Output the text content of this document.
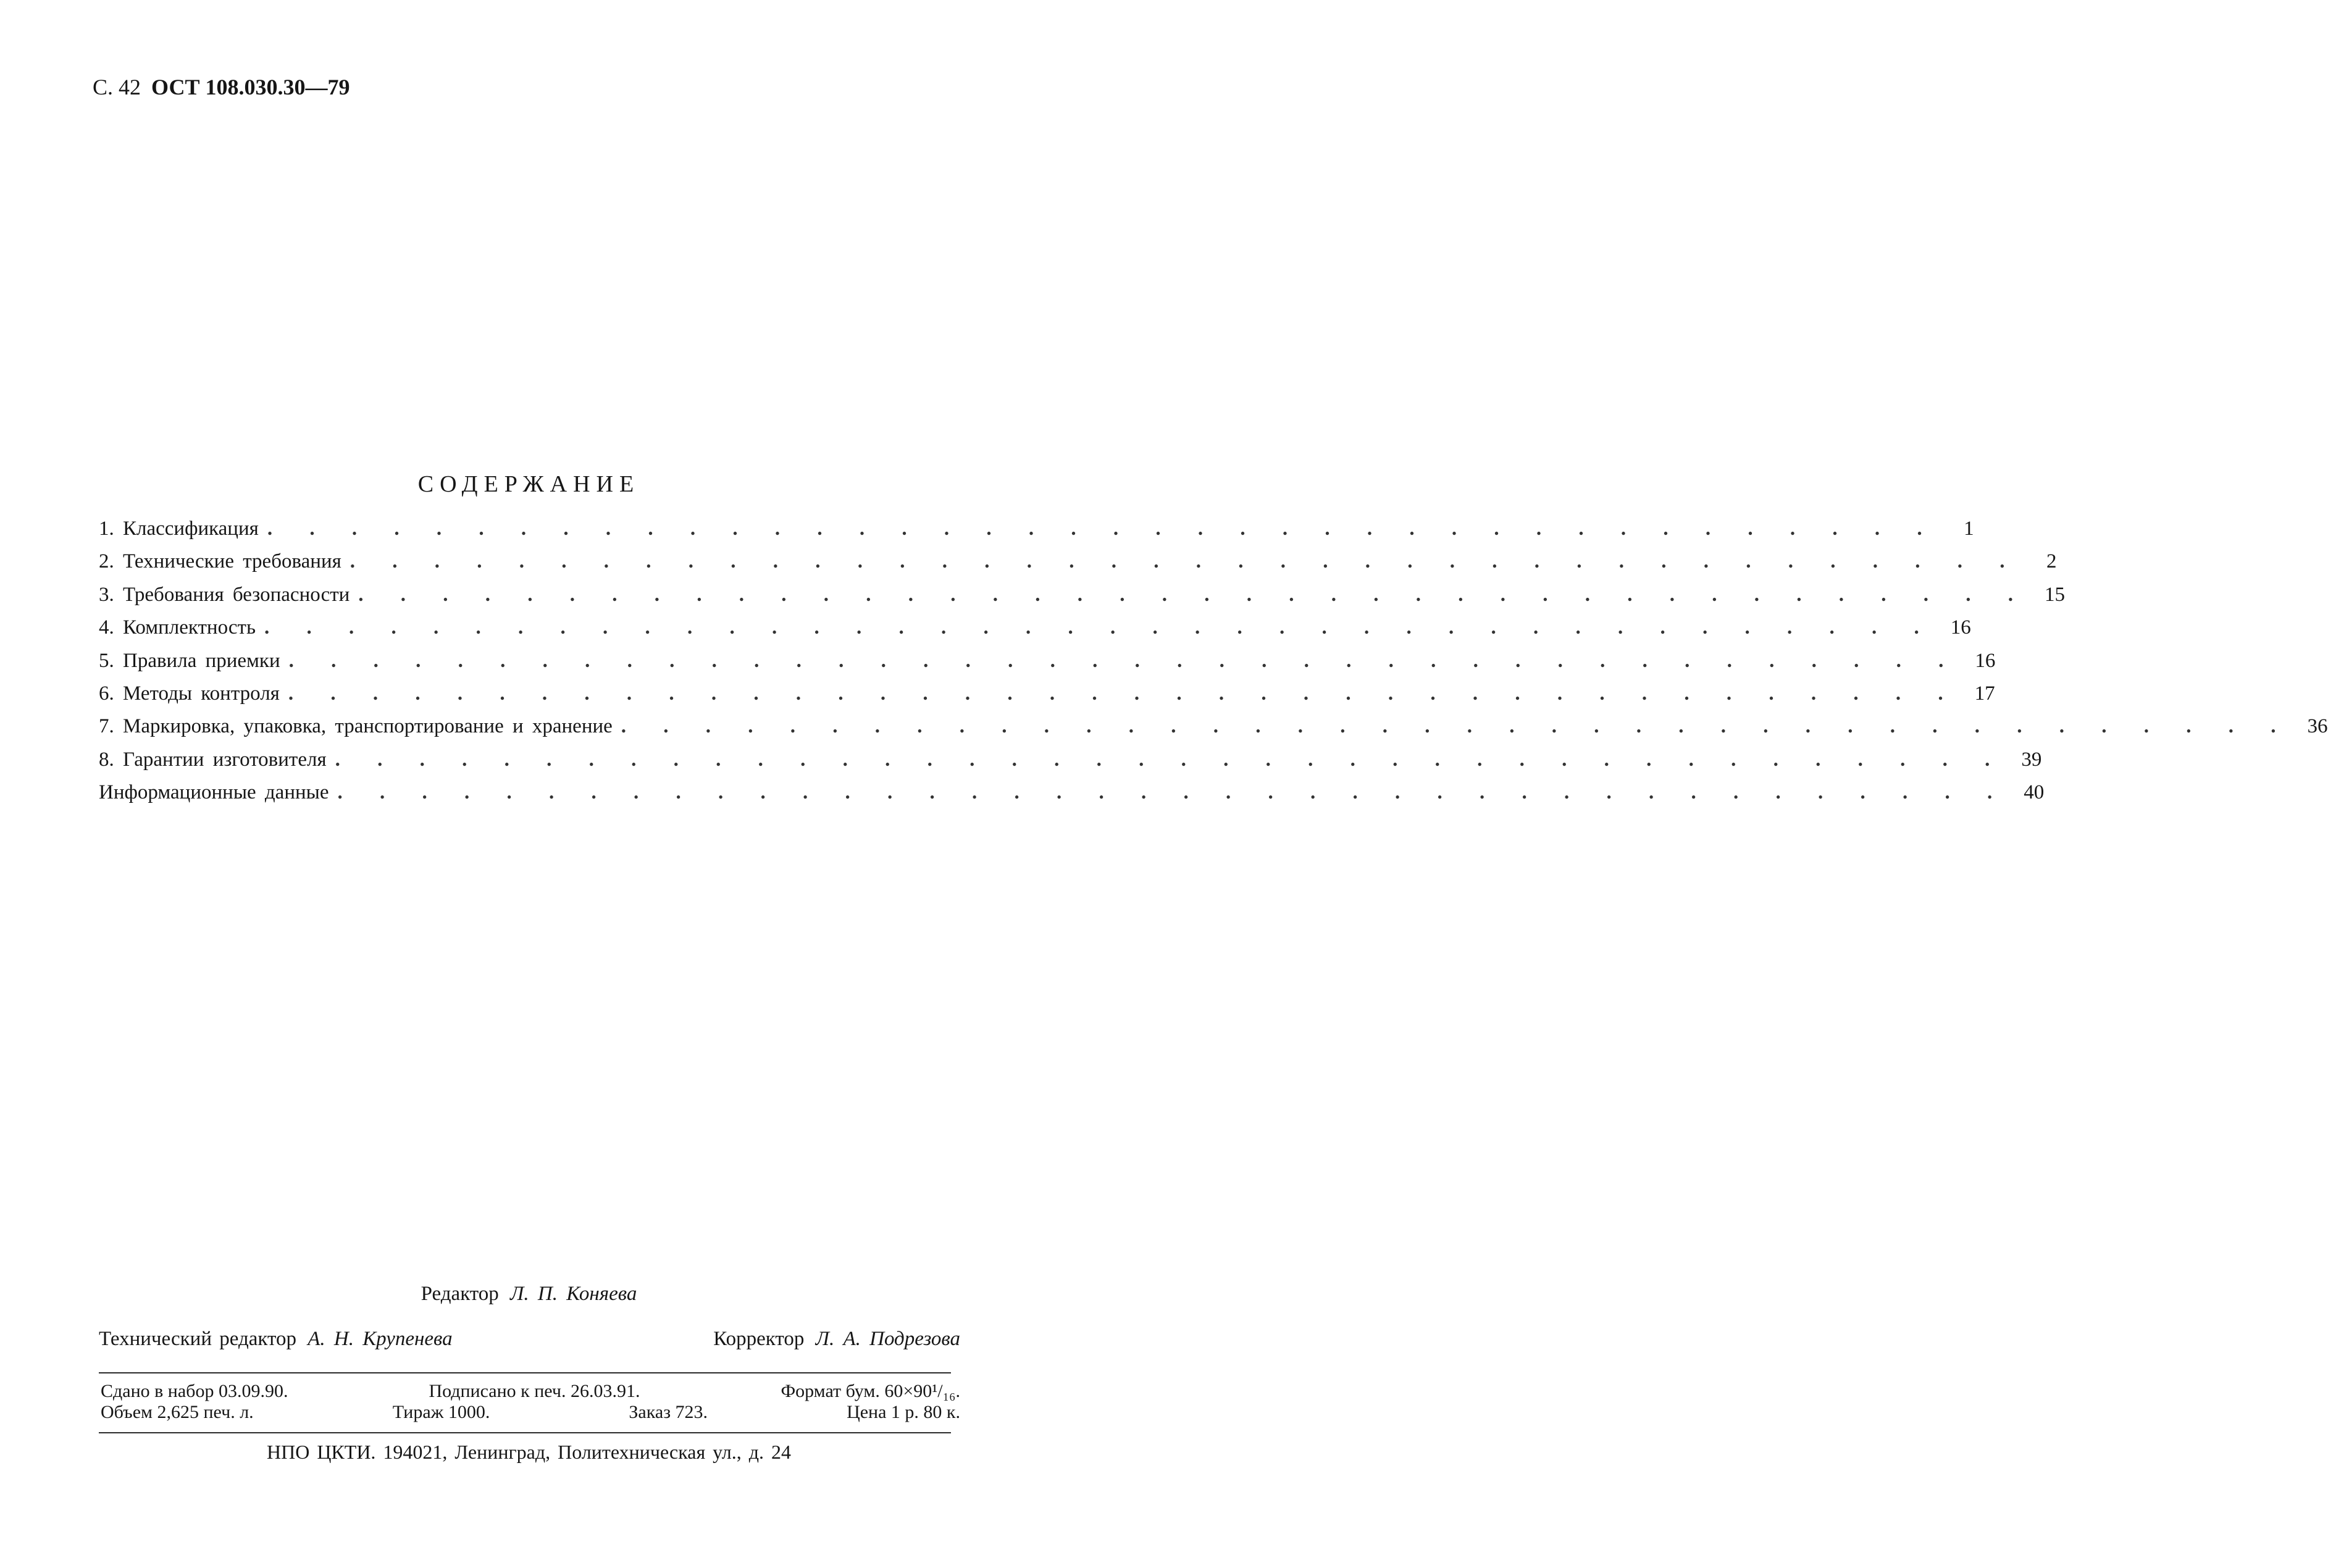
С. 42 ОСТ 108.030.30—79
СОДЕРЖАНИЕ
1. Классификация . . . . . . . . . . . . . . . . . . . . . . . . . . . . . . . . . . . . . . . .	1
2. Технические требования . . . . . . . . . . . . . . . . . . . . . . . . . . . . . . . . . . . . . . . .	2
3. Требования безопасности . . . . . . . . . . . . . . . . . . . . . . . . . . . . . . . . . . . . . . . . 15
4. Комплектность . . . . . . . . . . . . . . . . . . . . . . . . . . . . . . . . . . . . . . . . 16
5. Правила приемки . . . . . . . . . . . . . . . . . . . . . . . . . . . . . . . . . . . . . . . . 16
6. Методы контроля . . . . . . . . . . . . . . . . . . . . . . . . . . . . . . . . . . . . . . . . 17
7. Маркировка, упаковка, транспортирование и хранение . . . . . . . . . . . . . . . . . . . . . . . . . . . . . . . . . . . . . . . . 36
8. Гарантии изготовителя . . . . . . . . . . . . . . . . . . . . . . . . . . . . . . . . . . . . . . . . 39
Информационные данные . . . . . . . . . . . . . . . . . . . . . . . . . . . . . . . . . . . . . . . . 40
Редактор Л. П. Коняева
Технический редактор А. Н. Крупенева	Корректор Л. А. Подрезова
Сдано в набор 03.09.90.	Подписано к печ. 26.03.91.	Формат бум. 60×90¹/₁₆.
Объем 2,625 печ. л.	Тираж 1000.	Заказ 723.	Цена 1 р. 80 к.
НПО ЦКТИ. 194021, Ленинград, Политехническая ул., д. 24
